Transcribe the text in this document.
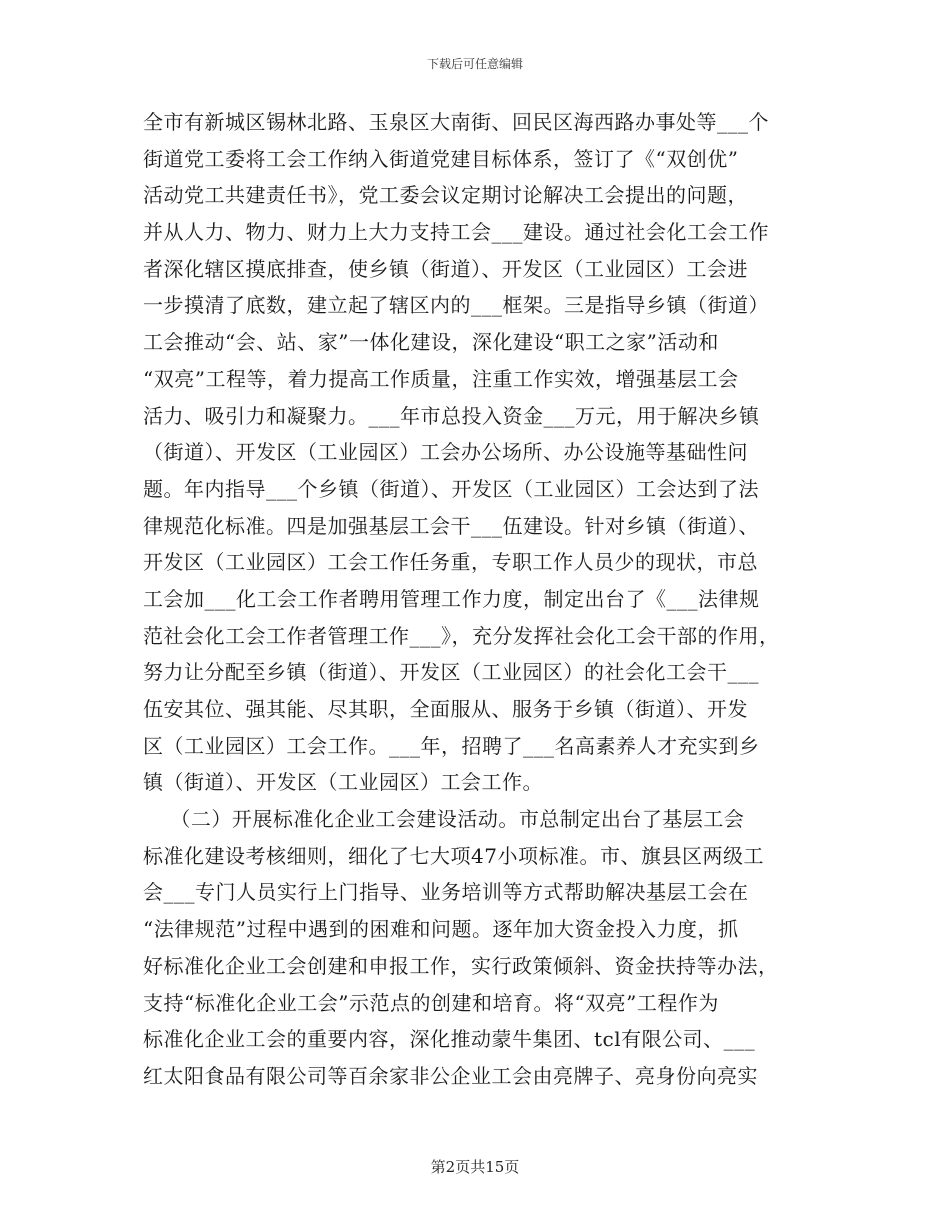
下载后可任意编辑
全市有新城区锡林北路、玉泉区大南街、回民区海西路办事处等___个
街道党工委将工会工作纳入街道党建目标体系，签订了《“双创优”
活动党工共建责任书》，党工委会议定期讨论解决工会提出的问题，
并从人力、物力、财力上大力支持工会___建设。通过社会化工会工作
者深化辖区摸底排查，使乡镇（街道）、开发区（工业园区）工会进
一步摸清了底数，建立起了辖区内的___框架。三是指导乡镇（街道）
工会推动“会、站、家”一体化建设，深化建设“职工之家”活动和
“双亮”工程等，着力提高工作质量，注重工作实效，增强基层工会
活力、吸引力和凝聚力。___年市总投入资金___万元，用于解决乡镇
（街道）、开发区（工业园区）工会办公场所、办公设施等基础性问
题。年内指导___个乡镇（街道）、开发区（工业园区）工会达到了法
律规范化标准。四是加强基层工会干___伍建设。针对乡镇（街道）、
开发区（工业园区）工会工作任务重，专职工作人员少的现状，市总
工会加___化工会工作者聘用管理工作力度，制定出台了《___法律规
范社会化工会工作者管理工作___》，充分发挥社会化工会干部的作用，
努力让分配至乡镇（街道）、开发区（工业园区）的社会化工会干___
伍安其位、强其能、尽其职，全面服从、服务于乡镇（街道）、开发
区（工业园区）工会工作。___年，招聘了___名高素养人才充实到乡
镇（街道）、开发区（工业园区）工会工作。
（二）开展标准化企业工会建设活动。市总制定出台了基层工会
标准化建设考核细则，细化了七大项47小项标准。市、旗县区两级工
会___专门人员实行上门指导、业务培训等方式帮助解决基层工会在
“法律规范”过程中遇到的困难和问题。逐年加大资金投入力度，抓
好标准化企业工会创建和申报工作，实行政策倾斜、资金扶持等办法，
支持“标准化企业工会”示范点的创建和培育。将“双亮”工程作为
标准化企业工会的重要内容，深化推动蒙牛集团、tcl有限公司、___
红太阳食品有限公司等百余家非公企业工会由亮牌子、亮身份向亮实
第2页共15页
